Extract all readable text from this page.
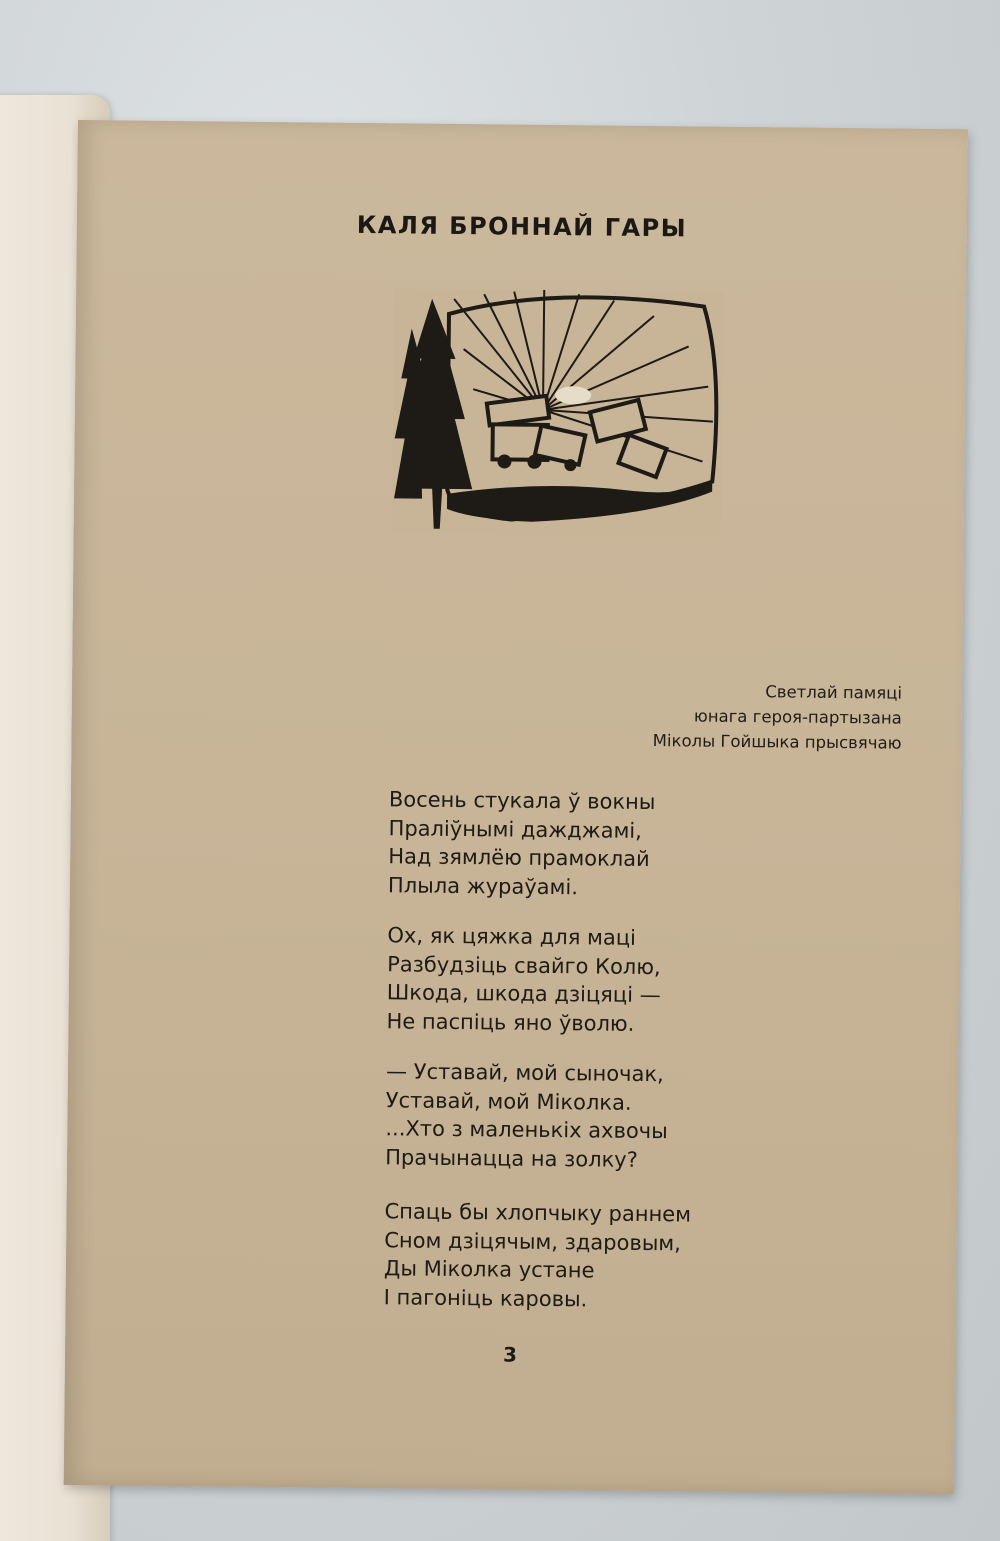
КАЛЯ БРОННАЙ ГАРЫ
Светлай памяці
юнага героя-партызана
Міколы Гойшыка прысвячаю
Восень стукала ў вокны
Праліўнымі дажджамі,
Над зямлёю прамоклай
Плыла жураўамі.
Ох, як цяжка для маці
Разбудзіць свайго Колю,
Шкода, шкода дзіцяці —
Не паспіць яно ўволю.
— Уставай, мой сыночак,
Уставай, мой Міколка.
...Хто з маленькіх ахвочы
Прачынацца на золку?
Спаць бы хлопчыку раннем
Сном дзіцячым, здаровым,
Ды Міколка устане
І пагоніць каровы.
3
